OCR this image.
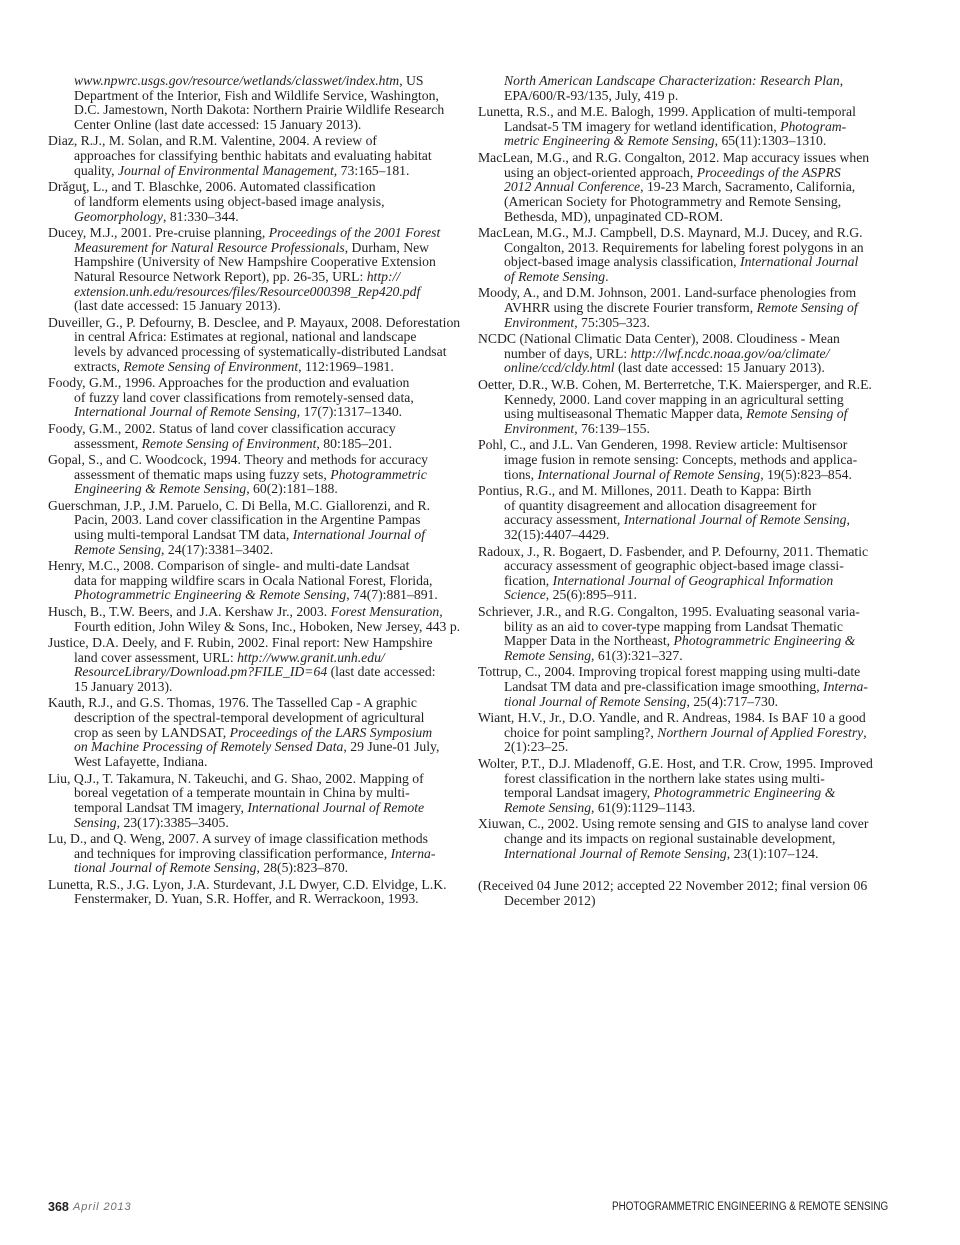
www.npwrc.usgs.gov/resource/wetlands/classwet/index.htm, US
Department of the Interior, Fish and Wildlife Service, Washington,
D.C. Jamestown, North Dakota: Northern Prairie Wildlife Research
Center Online (last date accessed: 15 January 2013).
Diaz, R.J., M. Solan, and R.M. Valentine, 2004. A review of
approaches for classifying benthic habitats and evaluating habitat
quality, Journal of Environmental Management, 73:165–181.
Drăguţ, L., and T. Blaschke, 2006. Automated classification
of landform elements using object-based image analysis,
Geomorphology, 81:330–344.
Ducey, M.J., 2001. Pre-cruise planning, Proceedings of the 2001 Forest
Measurement for Natural Resource Professionals, Durham, New
Hampshire (University of New Hampshire Cooperative Extension
Natural Resource Network Report), pp. 26-35, URL: http://
extension.unh.edu/resources/files/Resource000398_Rep420.pdf
(last date accessed: 15 January 2013).
Duveiller, G., P. Defourny, B. Desclee, and P. Mayaux, 2008. Deforestation
in central Africa: Estimates at regional, national and landscape
levels by advanced processing of systematically-distributed Landsat
extracts, Remote Sensing of Environment, 112:1969–1981.
Foody, G.M., 1996. Approaches for the production and evaluation
of fuzzy land cover classifications from remotely-sensed data,
International Journal of Remote Sensing, 17(7):1317–1340.
Foody, G.M., 2002. Status of land cover classification accuracy
assessment, Remote Sensing of Environment, 80:185–201.
Gopal, S., and C. Woodcock, 1994. Theory and methods for accuracy
assessment of thematic maps using fuzzy sets, Photogrammetric
Engineering & Remote Sensing, 60(2):181–188.
Guerschman, J.P., J.M. Paruelo, C. Di Bella, M.C. Giallorenzi, and R.
Pacin, 2003. Land cover classification in the Argentine Pampas
using multi-temporal Landsat TM data, International Journal of
Remote Sensing, 24(17):3381–3402.
Henry, M.C., 2008. Comparison of single- and multi-date Landsat
data for mapping wildfire scars in Ocala National Forest, Florida,
Photogrammetric Engineering & Remote Sensing, 74(7):881–891.
Husch, B., T.W. Beers, and J.A. Kershaw Jr., 2003. Forest Mensuration,
Fourth edition, John Wiley & Sons, Inc., Hoboken, New Jersey, 443 p.
Justice, D.A. Deely, and F. Rubin, 2002. Final report: New Hampshire
land cover assessment, URL: http://www.granit.unh.edu/
ResourceLibrary/Download.pm?FILE_ID=64 (last date accessed:
15 January 2013).
Kauth, R.J., and G.S. Thomas, 1976. The Tasselled Cap - A graphic
description of the spectral-temporal development of agricultural
crop as seen by LANDSAT, Proceedings of the LARS Symposium
on Machine Processing of Remotely Sensed Data, 29 June-01 July,
West Lafayette, Indiana.
Liu, Q.J., T. Takamura, N. Takeuchi, and G. Shao, 2002. Mapping of
boreal vegetation of a temperate mountain in China by multi-
temporal Landsat TM imagery, International Journal of Remote
Sensing, 23(17):3385–3405.
Lu, D., and Q. Weng, 2007. A survey of image classification methods
and techniques for improving classification performance, Interna-
tional Journal of Remote Sensing, 28(5):823–870.
Lunetta, R.S., J.G. Lyon, J.A. Sturdevant, J.L Dwyer, C.D. Elvidge, L.K.
Fenstermaker, D. Yuan, S.R. Hoffer, and R. Werrackoon, 1993.
North American Landscape Characterization: Research Plan,
EPA/600/R-93/135, July, 419 p.
Lunetta, R.S., and M.E. Balogh, 1999. Application of multi-temporal
Landsat-5 TM imagery for wetland identification, Photogram-
metric Engineering & Remote Sensing, 65(11):1303–1310.
MacLean, M.G., and R.G. Congalton, 2012. Map accuracy issues when
using an object-oriented approach, Proceedings of the ASPRS
2012 Annual Conference, 19-23 March, Sacramento, California,
(American Society for Photogrammetry and Remote Sensing,
Bethesda, MD), unpaginated CD-ROM.
MacLean, M.G., M.J. Campbell, D.S. Maynard, M.J. Ducey, and R.G.
Congalton, 2013. Requirements for labeling forest polygons in an
object-based image analysis classification, International Journal
of Remote Sensing.
Moody, A., and D.M. Johnson, 2001. Land-surface phenologies from
AVHRR using the discrete Fourier transform, Remote Sensing of
Environment, 75:305–323.
NCDC (National Climatic Data Center), 2008. Cloudiness - Mean
number of days, URL: http://lwf.ncdc.noaa.gov/oa/climate/
online/ccd/cldy.html (last date accessed: 15 January 2013).
Oetter, D.R., W.B. Cohen, M. Berterretche, T.K. Maiersperger, and R.E.
Kennedy, 2000. Land cover mapping in an agricultural setting
using multiseasonal Thematic Mapper data, Remote Sensing of
Environment, 76:139–155.
Pohl, C., and J.L. Van Genderen, 1998. Review article: Multisensor
image fusion in remote sensing: Concepts, methods and applica-
tions, International Journal of Remote Sensing, 19(5):823–854.
Pontius, R.G., and M. Millones, 2011. Death to Kappa: Birth
of quantity disagreement and allocation disagreement for
accuracy assessment, International Journal of Remote Sensing,
32(15):4407–4429.
Radoux, J., R. Bogaert, D. Fasbender, and P. Defourny, 2011. Thematic
accuracy assessment of geographic object-based image classi-
fication, International Journal of Geographical Information
Science, 25(6):895–911.
Schriever, J.R., and R.G. Congalton, 1995. Evaluating seasonal varia-
bility as an aid to cover-type mapping from Landsat Thematic
Mapper Data in the Northeast, Photogrammetric Engineering &
Remote Sensing, 61(3):321–327.
Tottrup, C., 2004. Improving tropical forest mapping using multi-date
Landsat TM data and pre-classification image smoothing, Interna-
tional Journal of Remote Sensing, 25(4):717–730.
Wiant, H.V., Jr., D.O. Yandle, and R. Andreas, 1984. Is BAF 10 a good
choice for point sampling?, Northern Journal of Applied Forestry,
2(1):23–25.
Wolter, P.T., D.J. Mladenoff, G.E. Host, and T.R. Crow, 1995. Improved
forest classification in the northern lake states using multi-
temporal Landsat imagery, Photogrammetric Engineering &
Remote Sensing, 61(9):1129–1143.
Xiuwan, C., 2002. Using remote sensing and GIS to analyse land cover
change and its impacts on regional sustainable development,
International Journal of Remote Sensing, 23(1):107–124.
(Received 04 June 2012; accepted 22 November 2012; final version 06
December 2012)
368 April 2013	PHOTOGRAMMETRIC ENGINEERING & REMOTE SENSING
